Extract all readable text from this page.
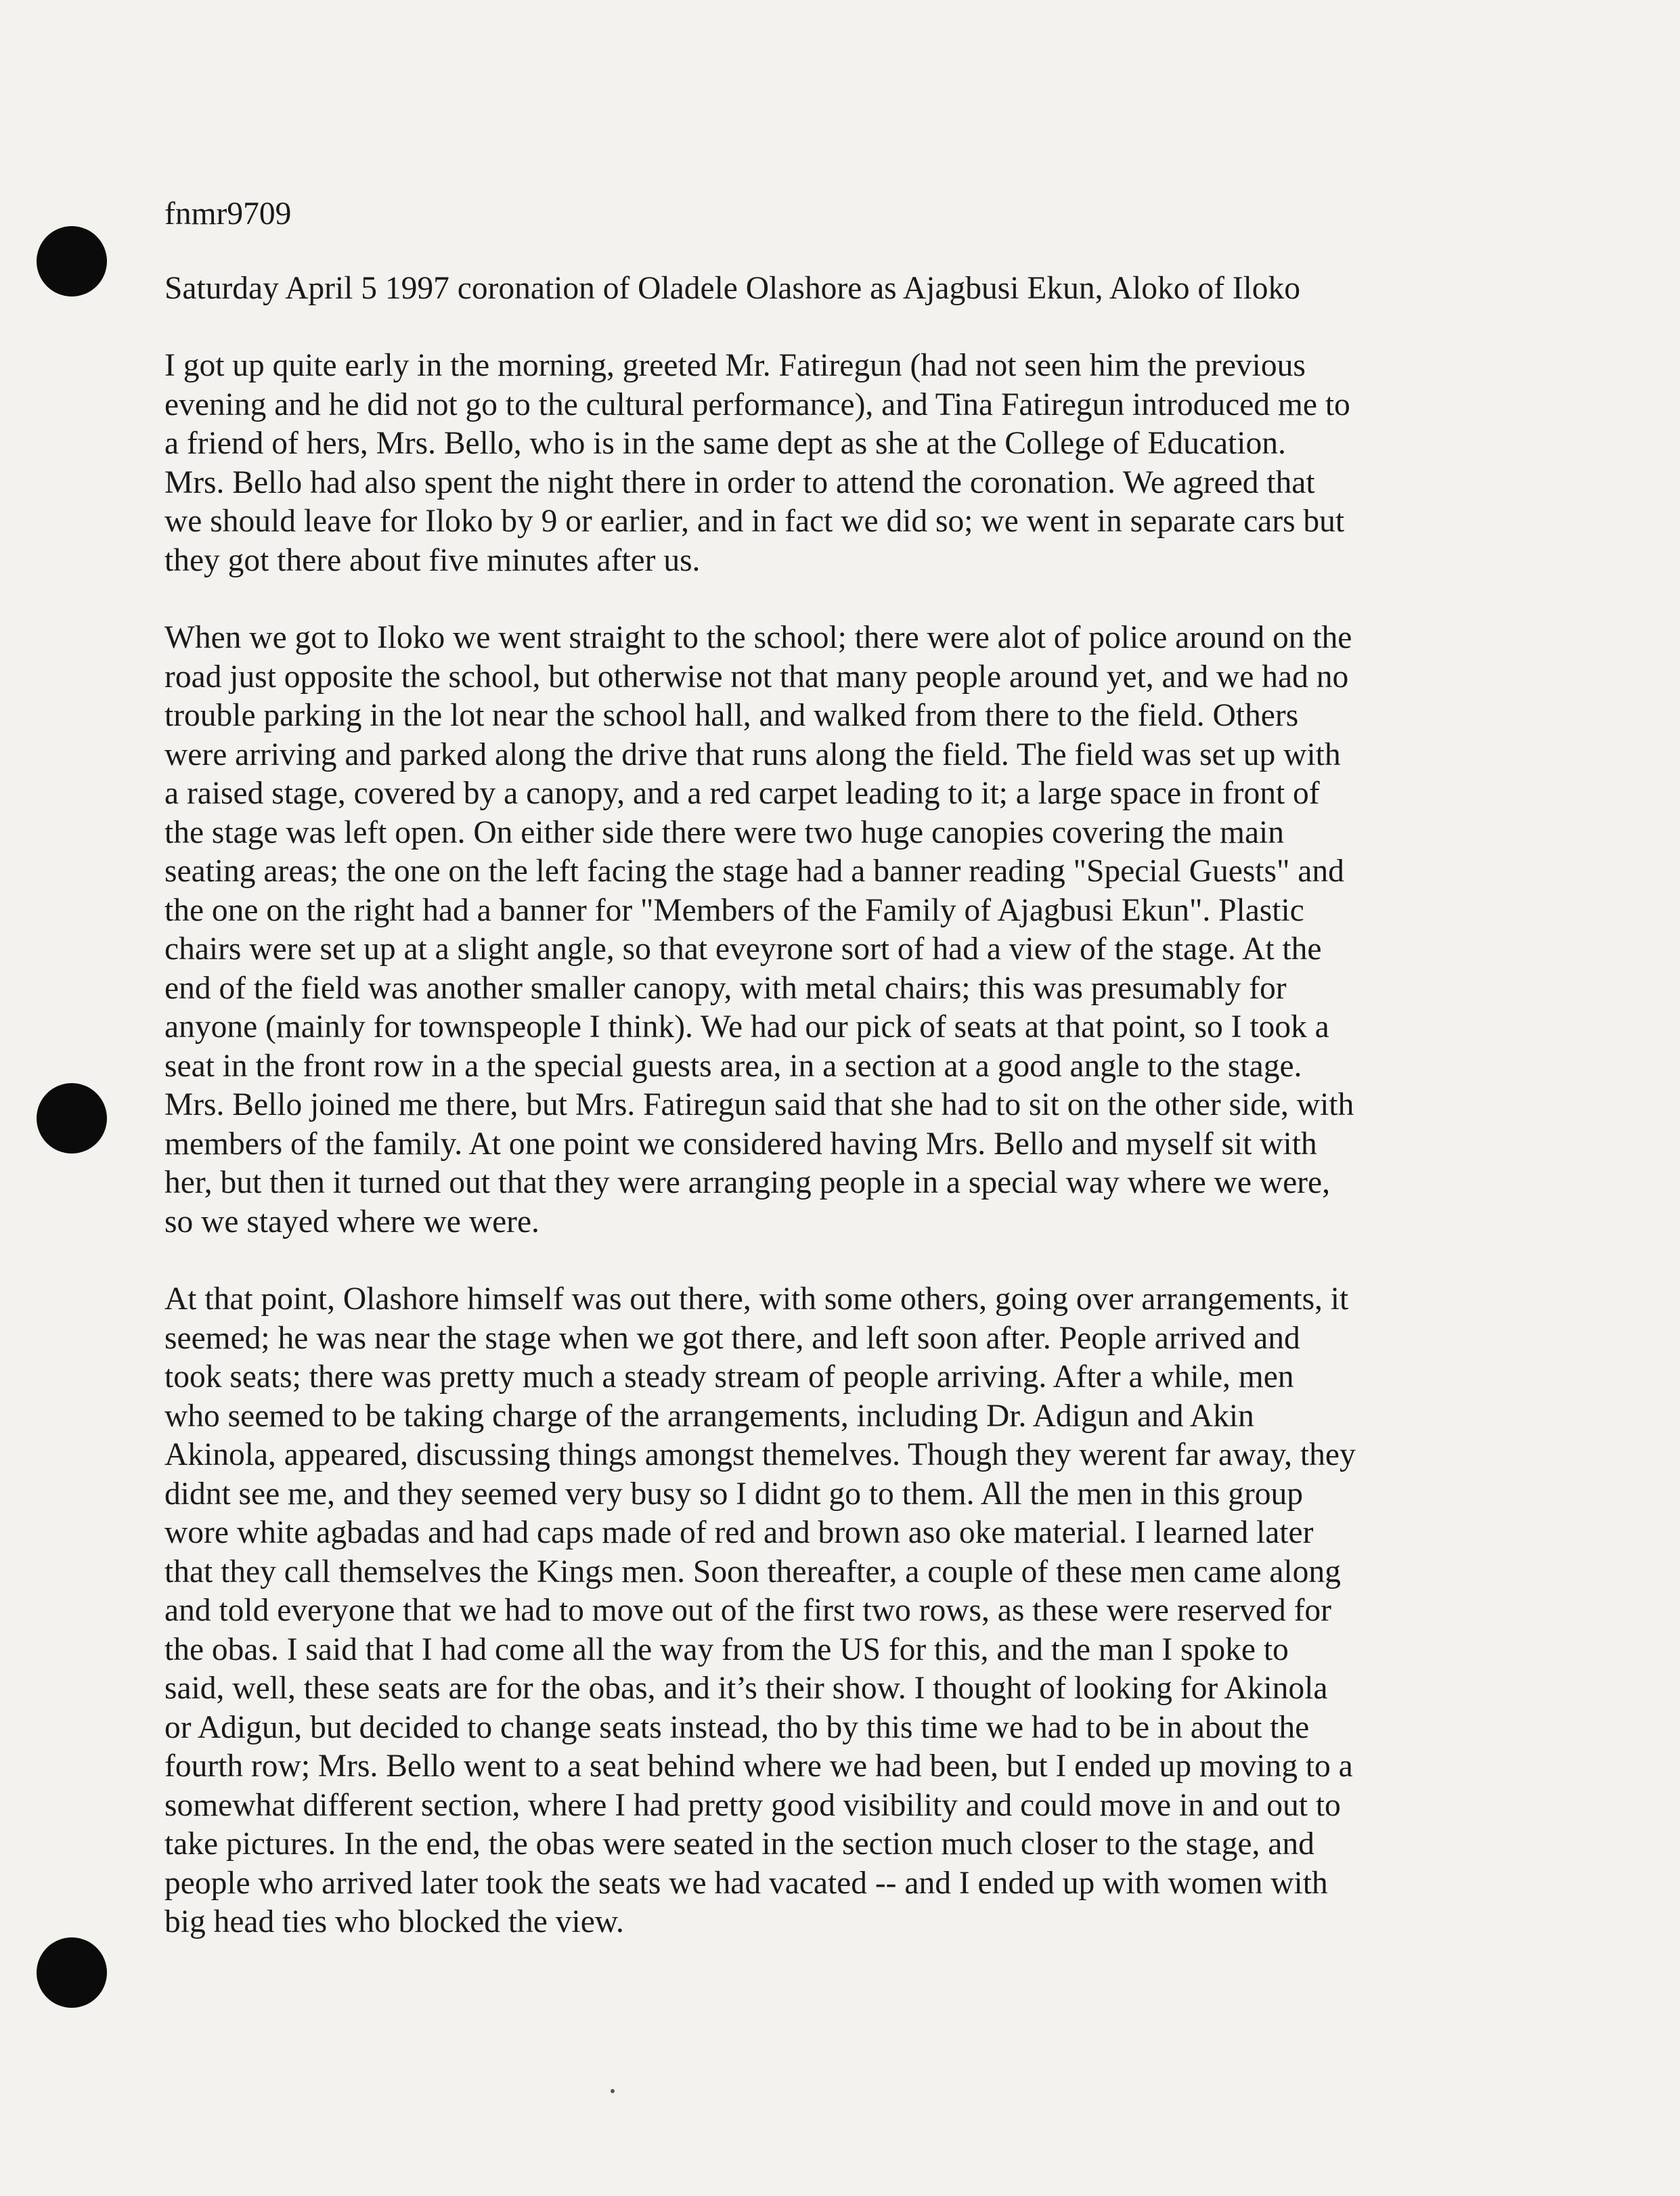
fnmr9709
Saturday April 5 1997 coronation of Oladele Olashore as Ajagbusi Ekun, Aloko of Iloko
I got up quite early in the morning, greeted Mr. Fatiregun (had not seen him the previous
evening and he did not go to the cultural performance), and Tina Fatiregun introduced me to
a friend of hers, Mrs. Bello, who is in the same dept as she at the College of Education.
Mrs. Bello had also spent the night there in order to attend the coronation. We agreed that
we should leave for Iloko by 9 or earlier, and in fact we did so; we went in separate cars but
they got there about five minutes after us.
When we got to Iloko we went straight to the school; there were alot of police around on the
road just opposite the school, but otherwise not that many people around yet, and we had no
trouble parking in the lot near the school hall, and walked from there to the field. Others
were arriving and parked along the drive that runs along the field. The field was set up with
a raised stage, covered by a canopy, and a red carpet leading to it; a large space in front of
the stage was left open. On either side there were two huge canopies covering the main
seating areas; the one on the left facing the stage had a banner reading "Special Guests" and
the one on the right had a banner for "Members of the Family of Ajagbusi Ekun". Plastic
chairs were set up at a slight angle, so that eveyrone sort of had a view of the stage. At the
end of the field was another smaller canopy, with metal chairs; this was presumably for
anyone (mainly for townspeople I think). We had our pick of seats at that point, so I took a
seat in the front row in a the special guests area, in a section at a good angle to the stage.
Mrs. Bello joined me there, but Mrs. Fatiregun said that she had to sit on the other side, with
members of the family. At one point we considered having Mrs. Bello and myself sit with
her, but then it turned out that they were arranging people in a special way where we were,
so we stayed where we were.
At that point, Olashore himself was out there, with some others, going over arrangements, it
seemed; he was near the stage when we got there, and left soon after. People arrived and
took seats; there was pretty much a steady stream of people arriving. After a while, men
who seemed to be taking charge of the arrangements, including Dr. Adigun and Akin
Akinola, appeared, discussing things amongst themelves. Though they werent far away, they
didnt see me, and they seemed very busy so I didnt go to them. All the men in this group
wore white agbadas and had caps made of red and brown aso oke material. I learned later
that they call themselves the Kings men. Soon thereafter, a couple of these men came along
and told everyone that we had to move out of the first two rows, as these were reserved for
the obas. I said that I had come all the way from the US for this, and the man I spoke to
said, well, these seats are for the obas, and it’s their show. I thought of looking for Akinola
or Adigun, but decided to change seats instead, tho by this time we had to be in about the
fourth row; Mrs. Bello went to a seat behind where we had been, but I ended up moving to a
somewhat different section, where I had pretty good visibility and could move in and out to
take pictures. In the end, the obas were seated in the section much closer to the stage, and
people who arrived later took the seats we had vacated -- and I ended up with women with
big head ties who blocked the view.
